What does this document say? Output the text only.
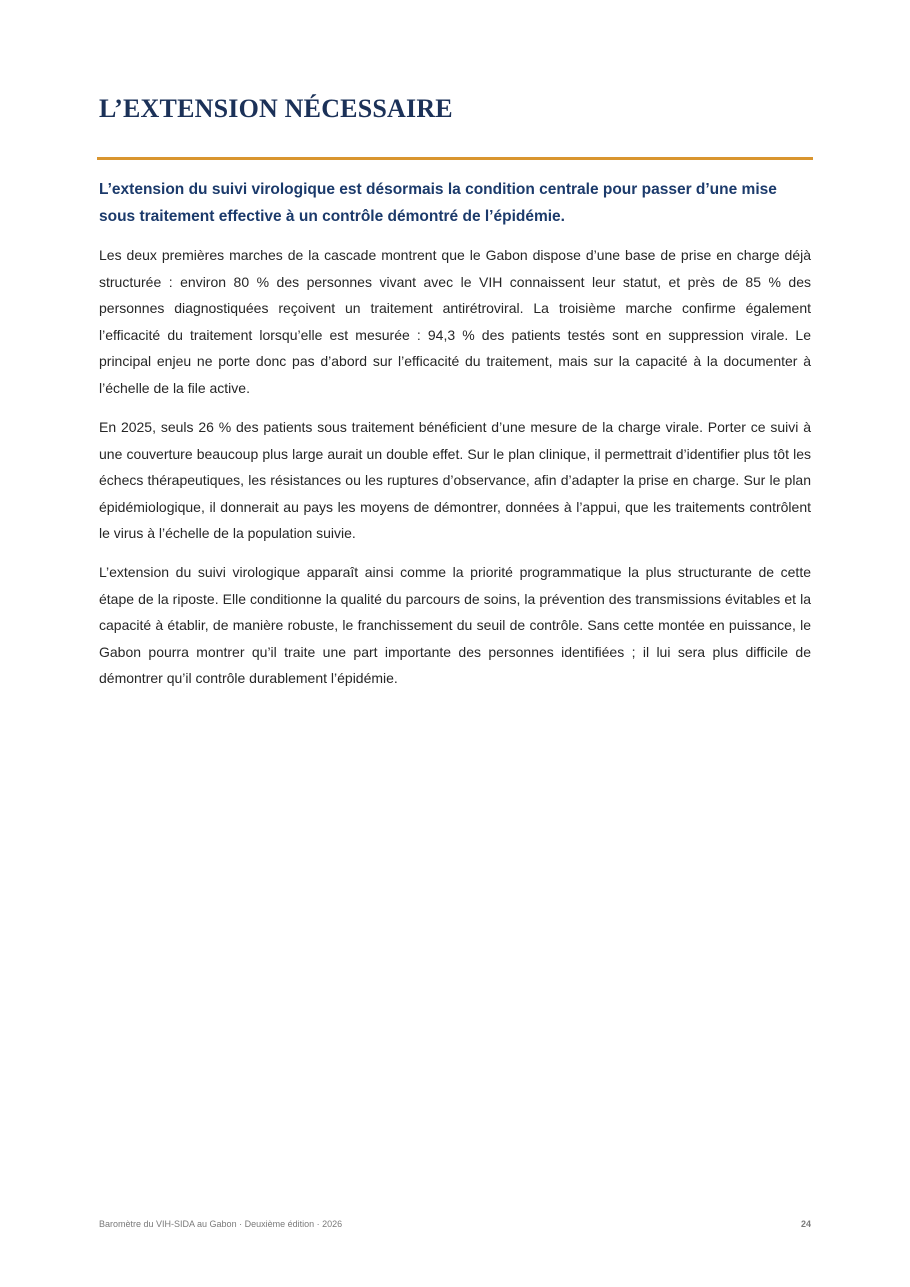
L’EXTENSION NÉCESSAIRE

L’extension du suivi virologique est désormais la condition centrale pour passer d’une mise sous traitement effective à un contrôle démontré de l’épidémie.

Les deux premières marches de la cascade montrent que le Gabon dispose d’une base de prise en charge déjà structurée : environ 80 % des personnes vivant avec le VIH connaissent leur statut, et près de 85 % des personnes diagnostiquées reçoivent un traitement antirétroviral. La troisième marche confirme également l’efficacité du traitement lorsqu’elle est mesurée : 94,3 % des patients testés sont en suppression virale. Le principal enjeu ne porte donc pas d’abord sur l’efficacité du traitement, mais sur la capacité à la documenter à l’échelle de la file active.

En 2025, seuls 26 % des patients sous traitement bénéficient d’une mesure de la charge virale. Porter ce suivi à une couverture beaucoup plus large aurait un double effet. Sur le plan clinique, il permettrait d’identifier plus tôt les échecs thérapeutiques, les résistances ou les ruptures d’observance, afin d’adapter la prise en charge. Sur le plan épidémiologique, il donnerait au pays les moyens de démontrer, données à l’appui, que les traitements contrôlent le virus à l’échelle de la population suivie.

L’extension du suivi virologique apparaît ainsi comme la priorité programmatique la plus structurante de cette étape de la riposte. Elle conditionne la qualité du parcours de soins, la prévention des transmissions évitables et la capacité à établir, de manière robuste, le franchissement du seuil de contrôle. Sans cette montée en puissance, le Gabon pourra montrer qu’il traite une part importante des personnes identifiées ; il lui sera plus difficile de démontrer qu’il contrôle durablement l’épidémie.

Baromètre du VIH-SIDA au Gabon · Deuxième édition · 2026	24
